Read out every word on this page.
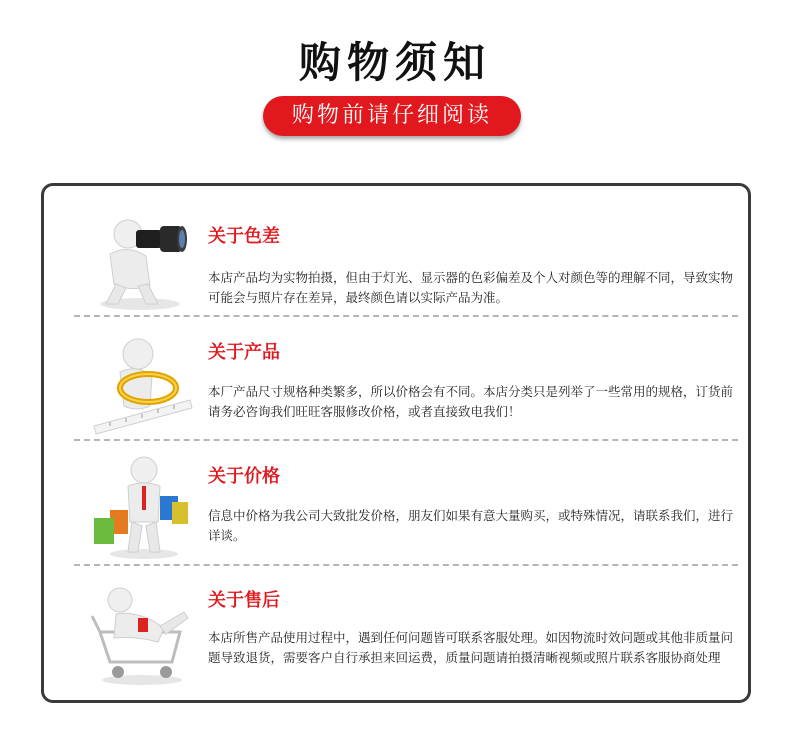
购物须知
购物前请仔细阅读
关于色差
本店产品均为实物拍摄，但由于灯光、显示器的色彩偏差及个人对颜色等的理解不同，导致实物可能会与照片存在差异，最终颜色请以实际产品为准。
关于产品
本厂产品尺寸规格种类繁多，所以价格会有不同。本店分类只是列举了一些常用的规格，订货前请务必咨询我们旺旺客服修改价格，或者直接致电我们！
关于价格
信息中价格为我公司大致批发价格，朋友们如果有意大量购买，或特殊情况，请联系我们，进行详谈。
关于售后
本店所售产品使用过程中，遇到任何问题皆可联系客服处理。如因物流时效问题或其他非质量问题导致退货，需要客户自行承担来回运费，质量问题请拍摄清晰视频或照片联系客服协商处理
